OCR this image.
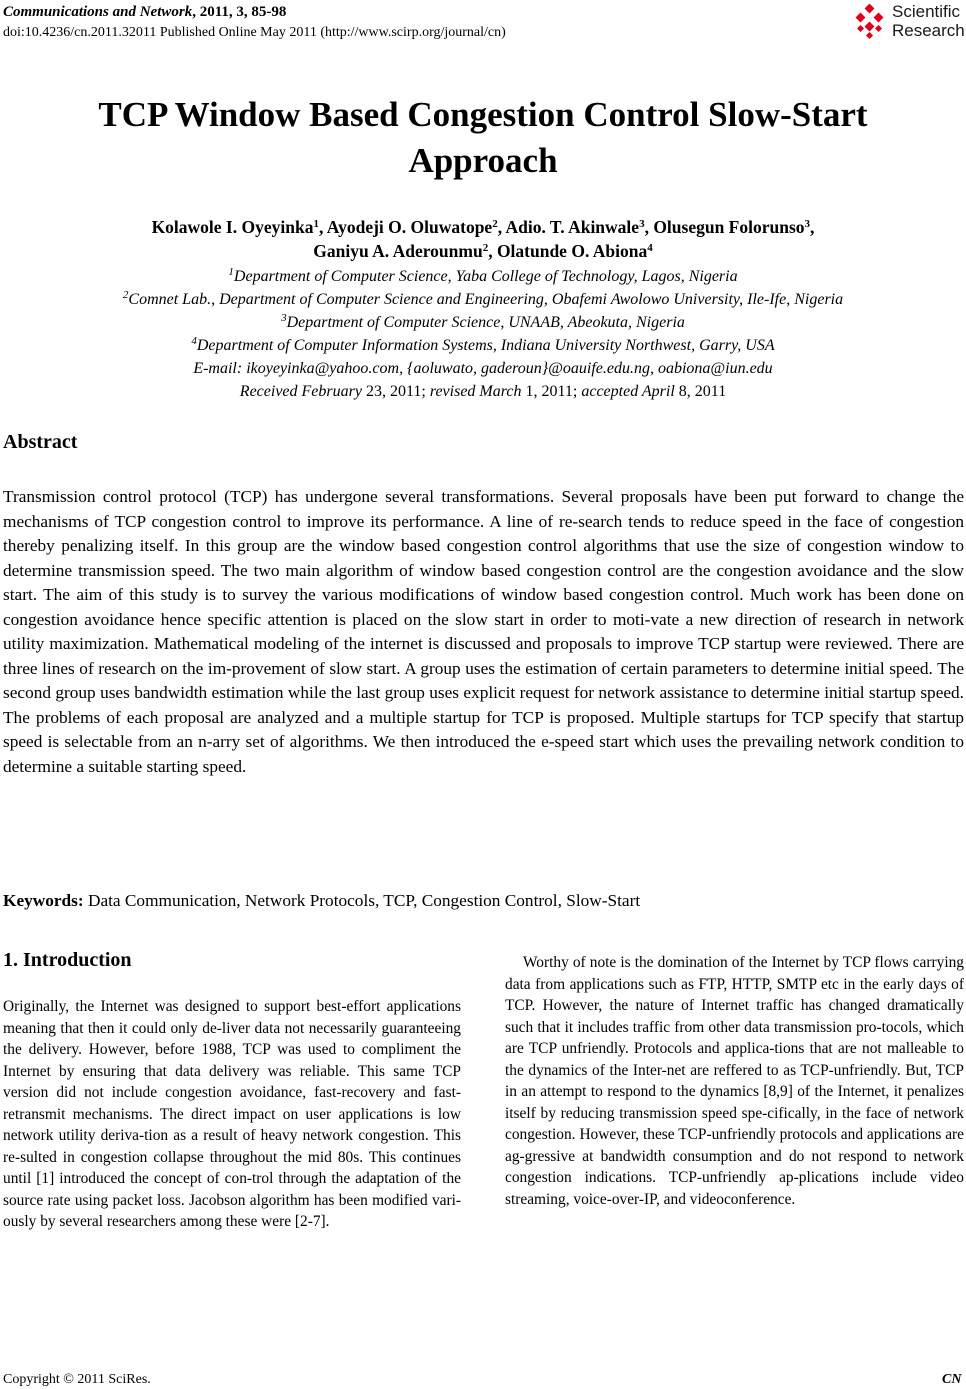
Communications and Network, 2011, 3, 85-98
doi:10.4236/cn.2011.32011 Published Online May 2011 (http://www.scirp.org/journal/cn)
Scientific
Research
TCP Window Based Congestion Control Slow-Start
Approach
Kolawole I. Oyeyinka$^1$, Ayodeji O. Oluwatope$^2$, Adio. T. Akinwale$^3$, Olusegun Folorunso$^3$,
Ganiyu A. Aderounmu$^2$, Olatunde O. Abiona$^4$
$^1$Department of Computer Science, Yaba College of Technology, Lagos, Nigeria
$^2$Comnet Lab., Department of Computer Science and Engineering, Obafemi Awolowo University, Ile-Ife, Nigeria
$^3$Department of Computer Science, UNAAB, Abeokuta, Nigeria
$^4$Department of Computer Information Systems, Indiana University Northwest, Garry, USA
E-mail: ikoyeyinka@yahoo.com, {aoluwato, gaderoun}@oauife.edu.ng, oabiona@iun.edu
Received February 23, 2011; revised March 1, 2011; accepted April 8, 2011
Abstract

Transmission control protocol (TCP) has undergone several transformations. Several proposals have been put forward to change the mechanisms of TCP congestion control to improve its performance. A line of re-search tends to reduce speed in the face of congestion thereby penalizing itself. In this group are the window based congestion control algorithms that use the size of congestion window to determine transmission speed. The two main algorithm of window based congestion control are the congestion avoidance and the slow start. The aim of this study is to survey the various modifications of window based congestion control. Much work has been done on congestion avoidance hence specific attention is placed on the slow start in order to moti-vate a new direction of research in network utility maximization. Mathematical modeling of the internet is discussed and proposals to improve TCP startup were reviewed. There are three lines of research on the im-provement of slow start. A group uses the estimation of certain parameters to determine initial speed. The second group uses bandwidth estimation while the last group uses explicit request for network assistance to determine initial startup speed. The problems of each proposal are analyzed and a multiple startup for TCP is proposed. Multiple startups for TCP specify that startup speed is selectable from an n-arry set of algorithms. We then introduced the e-speed start which uses the prevailing network condition to determine a suitable starting speed.

Keywords: Data Communication, Network Protocols, TCP, Congestion Control, Slow-Start
1. Introduction

Originally, the Internet was designed to support best-effort applications meaning that then it could only de-liver data not necessarily guaranteeing the delivery. However, before 1988, TCP was used to compliment the Internet by ensuring that data delivery was reliable. This same TCP version did not include congestion avoidance, fast-recovery and fast-retransmit mechanisms. The direct impact on user applications is low network utility deriva-tion as a result of heavy network congestion. This re-sulted in congestion collapse throughout the mid 80s. This continues until [1] introduced the concept of con-trol through the adaptation of the source rate using packet loss. Jacobson algorithm has been modified vari-ously by several researchers among these were [2-7].

Worthy of note is the domination of the Internet by TCP flows carrying data from applications such as FTP, HTTP, SMTP etc in the early days of TCP. However, the nature of Internet traffic has changed dramatically such that it includes traffic from other data transmission pro-tocols, which are TCP unfriendly. Protocols and applica-tions that are not malleable to the dynamics of the Inter-net are reffered to as TCP-unfriendly. But, TCP in an attempt to respond to the dynamics [8,9] of the Internet, it penalizes itself by reducing transmission speed spe-cifically, in the face of network congestion. However, these TCP-unfriendly protocols and applications are ag-gressive at bandwidth consumption and do not respond to network congestion indications. TCP-unfriendly ap-plications include video streaming, voice-over-IP, and videoconference.

Copyright © 2011 SciRes.	CN
